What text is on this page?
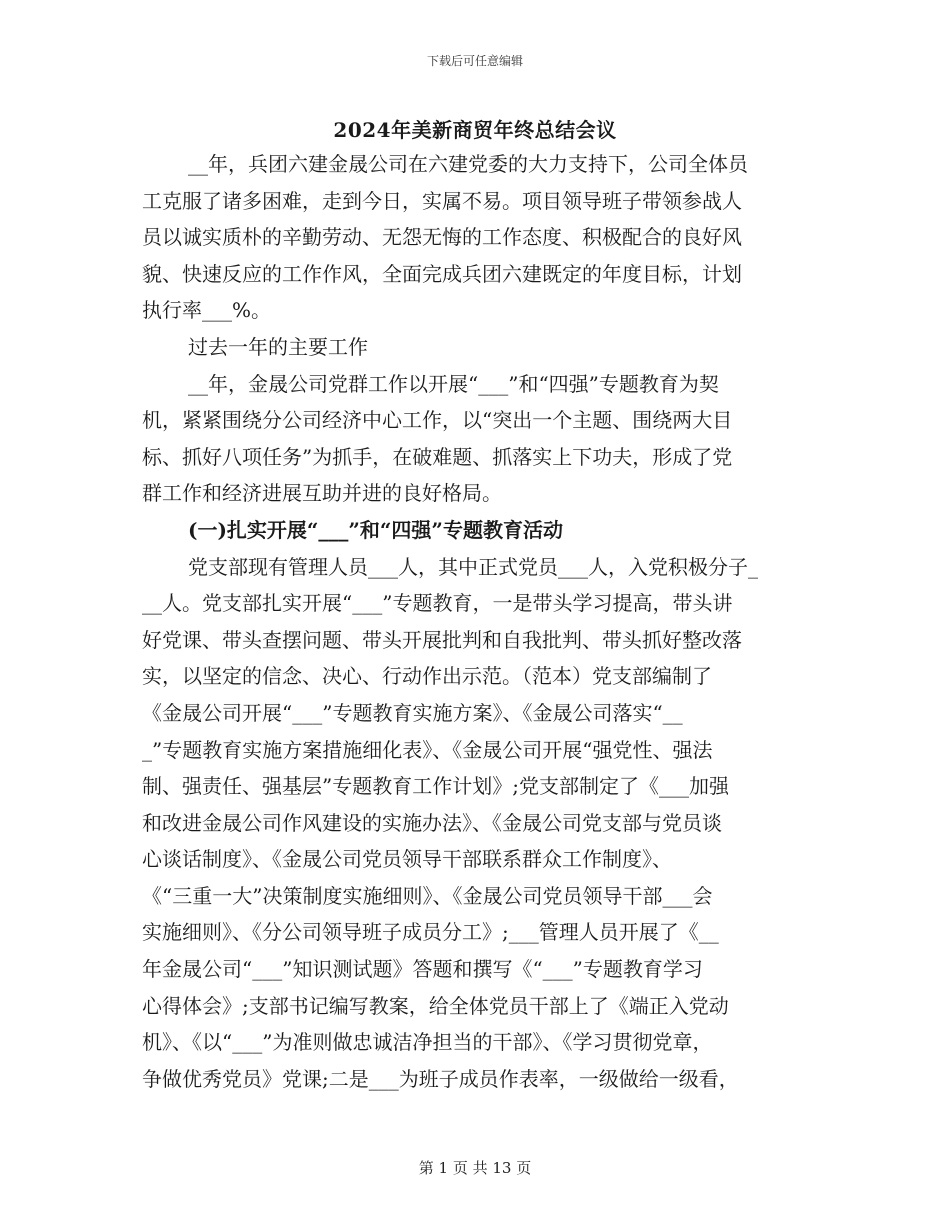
下载后可任意编辑
2024年美新商贸年终总结会议
__年，兵团六建金晟公司在六建党委的大力支持下，公司全体员
工克服了诸多困难，走到今日，实属不易。项目领导班子带领参战人
员以诚实质朴的辛勤劳动、无怨无悔的工作态度、积极配合的良好风
貌、快速反应的工作作风，全面完成兵团六建既定的年度目标，计划
执行率___%。
过去一年的主要工作
__年，金晟公司党群工作以开展“___”和“四强”专题教育为契
机，紧紧围绕分公司经济中心工作，以“突出一个主题、围绕两大目
标、抓好八项任务”为抓手，在破难题、抓落实上下功夫，形成了党
群工作和经济进展互助并进的良好格局。
(一)扎实开展“___”和“四强”专题教育活动
党支部现有管理人员___人，其中正式党员___人，入党积极分子_
__人。党支部扎实开展“___”专题教育，一是带头学习提高，带头讲
好党课、带头查摆问题、带头开展批判和自我批判、带头抓好整改落
实，以坚定的信念、决心、行动作出示范。（范本）党支部编制了
《金晟公司开展“___”专题教育实施方案》、《金晟公司落实“__
_”专题教育实施方案措施细化表》、《金晟公司开展“强党性、强法
制、强责任、强基层”专题教育工作计划》;党支部制定了《___加强
和改进金晟公司作风建设的实施办法》、《金晟公司党支部与党员谈
心谈话制度》、《金晟公司党员领导干部联系群众工作制度》、
《“三重一大”决策制度实施细则》、《金晟公司党员领导干部___会
实施细则》、《分公司领导班子成员分工》;___管理人员开展了《__
年金晟公司“___”知识测试题》答题和撰写《“___”专题教育学习
心得体会》;支部书记编写教案，给全体党员干部上了《端正入党动
机》、《以“___”为准则做忠诚洁净担当的干部》、《学习贯彻党章，
争做优秀党员》党课;二是___为班子成员作表率，一级做给一级看，
第 1 页 共 13 页
